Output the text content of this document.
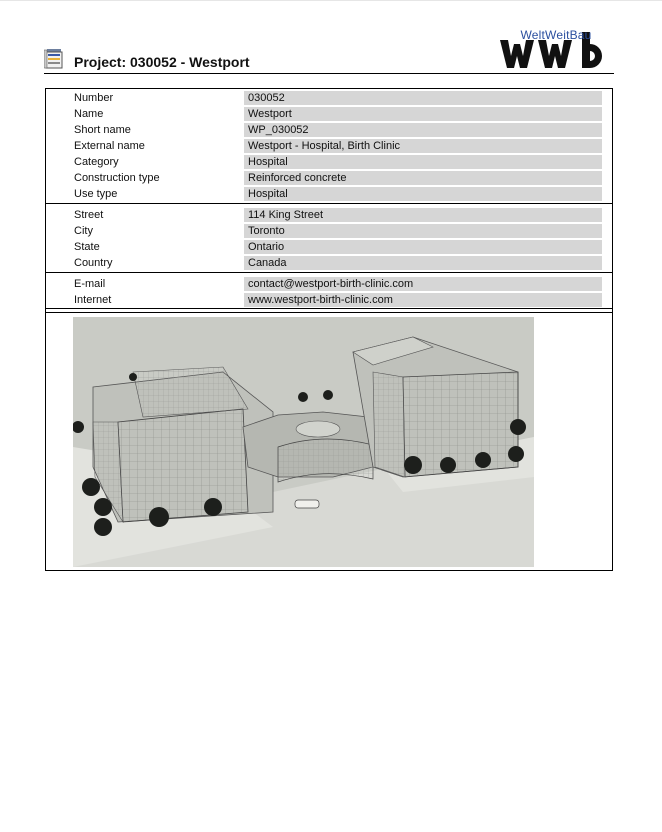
Project: 030052 - Westport
WeltWeitBau
Number	030052
Name	Westport
Short name	WP_030052
External name	Westport - Hospital, Birth Clinic
Category	Hospital
Construction type	Reinforced concrete
Use type	Hospital
Street	114 King Street
City	Toronto
State	Ontario
Country	Canada
E-mail	contact@westport-birth-clinic.com
Internet	www.westport-birth-clinic.com
